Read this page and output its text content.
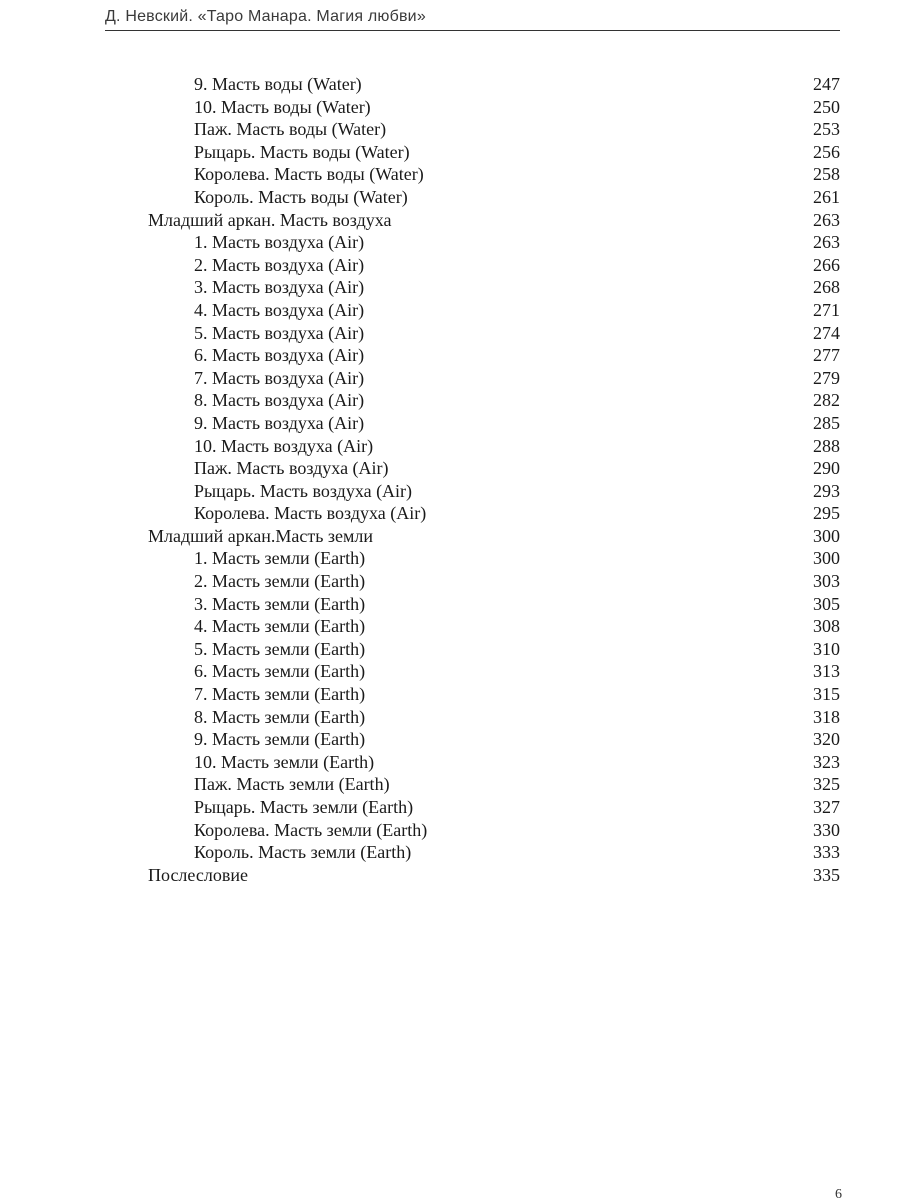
Д. Невский. «Таро Манара. Магия любви»
9. Масть воды (Water)	247
10. Масть воды (Water)	250
Паж. Масть воды (Water)	253
Рыцарь. Масть воды (Water)	256
Королева. Масть воды (Water)	258
Король. Масть воды (Water)	261
Младший аркан. Масть воздуха	263
1. Масть воздуха (Air)	263
2. Масть воздуха (Air)	266
3. Масть воздуха (Air)	268
4. Масть воздуха (Air)	271
5. Масть воздуха (Air)	274
6. Масть воздуха (Air)	277
7. Масть воздуха (Air)	279
8. Масть воздуха (Air)	282
9. Масть воздуха (Air)	285
10. Масть воздуха (Air)	288
Паж. Масть воздуха (Air)	290
Рыцарь. Масть воздуха (Air)	293
Королева. Масть воздуха (Air)	295
Младший аркан.Масть земли	300
1. Масть земли (Earth)	300
2. Масть земли (Earth)	303
3. Масть земли (Earth)	305
4. Масть земли (Earth)	308
5. Масть земли (Earth)	310
6. Масть земли (Earth)	313
7. Масть земли (Earth)	315
8. Масть земли (Earth)	318
9. Масть земли (Earth)	320
10. Масть земли (Earth)	323
Паж. Масть земли (Earth)	325
Рыцарь. Масть земли (Earth)	327
Королева. Масть земли (Earth)	330
Король. Масть земли (Earth)	333
Послесловие	335
6
